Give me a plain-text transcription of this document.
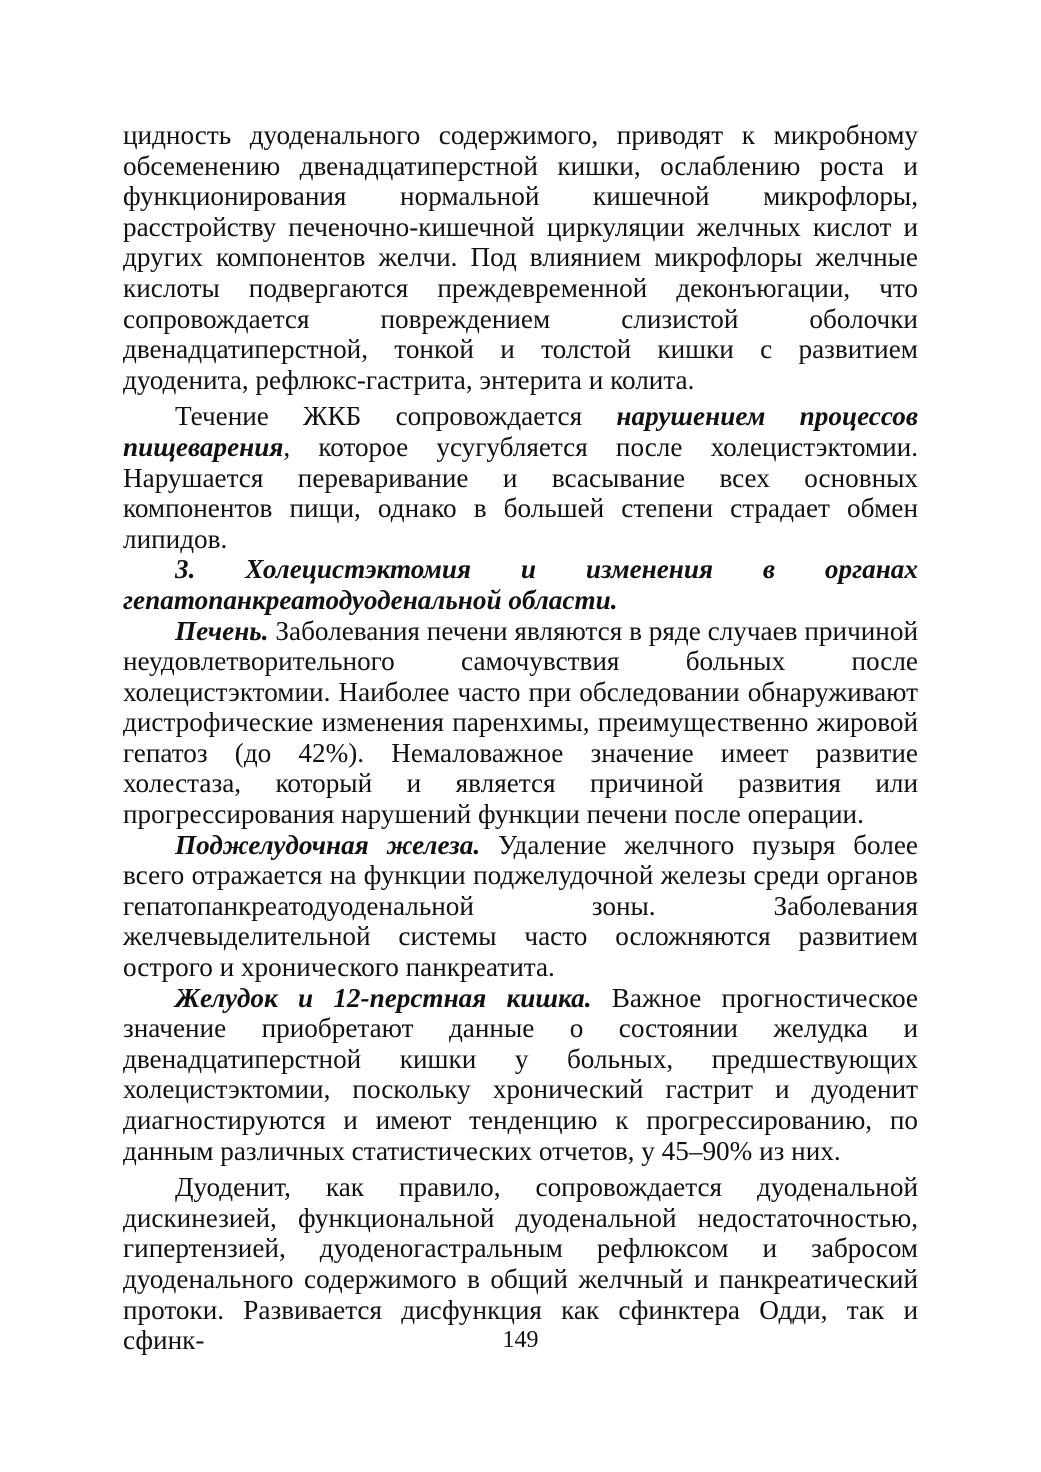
цидность дуоденального содержимого, приводят к микробному обсеменению двенадцатиперстной кишки, ослаблению роста и функционирования нормальной кишечной микрофлоры, расстройству печеночно-кишечной циркуляции желчных кислот и других компонентов желчи. Под влиянием микрофлоры желчные кислоты подвергаются преждевременной деконъюгации, что сопровождается повреждением слизистой оболочки двенадцатиперстной, тонкой и толстой кишки с развитием дуоденита, рефлюкс-гастрита, энтерита и колита.

Течение ЖКБ сопровождается нарушением процессов пищеварения, которое усугубляется после холецистэктомии. Нарушается переваривание и всасывание всех основных компонентов пищи, однако в большей степени страдает обмен липидов.

3. Холецистэктомия и изменения в органах гепатопанкреатодуоденальной области.

Печень. Заболевания печени являются в ряде случаев причиной неудовлетворительного самочувствия больных после холецистэктомии. Наиболее часто при обследовании обнаруживают дистрофические изменения паренхимы, преимущественно жировой гепатоз (до 42%). Немаловажное значение имеет развитие холестаза, который и является причиной развития или прогрессирования нарушений функции печени после операции.

Поджелудочная железа. Удаление желчного пузыря более всего отражается на функции поджелудочной железы среди органов гепатопанкреатодуоденальной зоны. Заболевания желчевыделительной системы часто осложняются развитием острого и хронического панкреатита.

Желудок и 12-перстная кишка. Важное прогностическое значение приобретают данные о состоянии желудка и двенадцатиперстной кишки у больных, предшествующих холецистэктомии, поскольку хронический гастрит и дуоденит диагностируются и имеют тенденцию к прогрессированию, по данным различных статистических отчетов, у 45–90% из них.

Дуоденит, как правило, сопровождается дуоденальной дискинезией, функциональной дуоденальной недостаточностью, гипертензией, дуоденогастральным рефлюксом и забросом дуоденального содержимого в общий желчный и панкреатический протоки. Развивается дисфункция как сфинктера Одди, так и сфинк-	149
